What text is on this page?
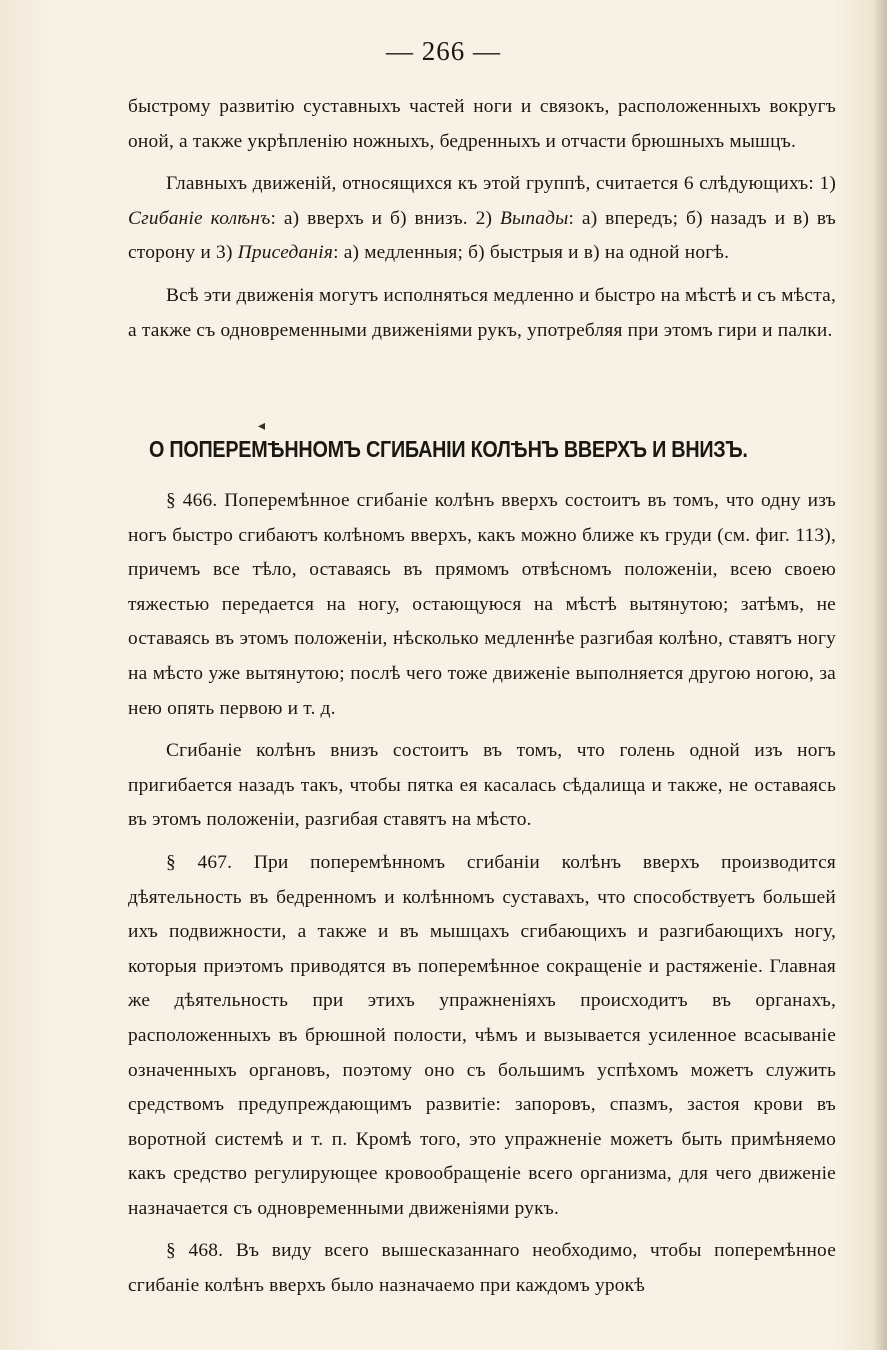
— 266 —

быстрому развитію суставныхъ частей ноги и связокъ, расположенныхъ вокругъ оной, а также укрѣпленію ножныхъ, бедренныхъ и отчасти брюшныхъ мышцъ.

Главныхъ движеній, относящихся къ этой группѣ, считается 6 слѣдующихъ: 1) Сгибаніе колѣнъ: а) вверхъ и б) внизъ. 2) Выпады: а) впередъ; б) назадъ и в) въ сторону и 3) Приседанія: а) медленныя; б) быстрыя и в) на одной ногѣ.

Всѣ эти движенія могутъ исполняться медленно и быстро на мѣстѣ и съ мѣста, а также съ одновременными движеніями рукъ, употребляя при этомъ гири и палки.

◂
О ПОПЕРЕМѢННОМЪ СГИБАНІИ КОЛѢНЪ ВВЕРХЪ И ВНИЗЪ.

§ 466. Поперемѣнное сгибаніе колѣнъ вверхъ состоитъ въ томъ, что одну изъ ногъ быстро сгибаютъ колѣномъ вверхъ, какъ можно ближе къ груди (см. фиг. 113), причемъ все тѣло, оставаясь въ прямомъ отвѣсномъ положеніи, всею своею тяжестью передается на ногу, остающуюся на мѣстѣ вытянутою; затѣмъ, не оставаясь въ этомъ положеніи, нѣсколько медленнѣе разгибая колѣно, ставятъ ногу на мѣсто уже вытянутою; послѣ чего тоже движеніе выполняется другою ногою, за нею опять первою и т. д.

Сгибаніе колѣнъ внизъ состоитъ въ томъ, что голень одной изъ ногъ пригибается назадъ такъ, чтобы пятка ея касалась сѣдалища и также, не оставаясь въ этомъ положеніи, разгибая ставятъ на мѣсто.

§ 467. При поперемѣнномъ сгибаніи колѣнъ вверхъ производится дѣятельность въ бедренномъ и колѣнномъ суставахъ, что способствуетъ большей ихъ подвижности, а также и въ мышцахъ сгибающихъ и разгибающихъ ногу, которыя приэтомъ приводятся въ поперемѣнное сокращеніе и растяженіе. Главная же дѣятельность при этихъ упражненіяхъ происходитъ въ органахъ, расположенныхъ въ брюшной полости, чѣмъ и вызывается усиленное всасываніе означенныхъ органовъ, поэтому оно съ большимъ успѣхомъ можетъ служить средствомъ предупреждающимъ развитіе: запоровъ, спазмъ, застоя крови въ воротной системѣ и т. п. Кромѣ того, это упражненіе можетъ быть примѣняемо какъ средство регулирующее кровообращеніе всего организма, для чего движеніе назначается съ одновременными движеніями рукъ.

§ 468. Въ виду всего вышесказаннаго необходимо, чтобы поперемѣнное сгибаніе колѣнъ вверхъ было назначаемо при каждомъ урокѣ
